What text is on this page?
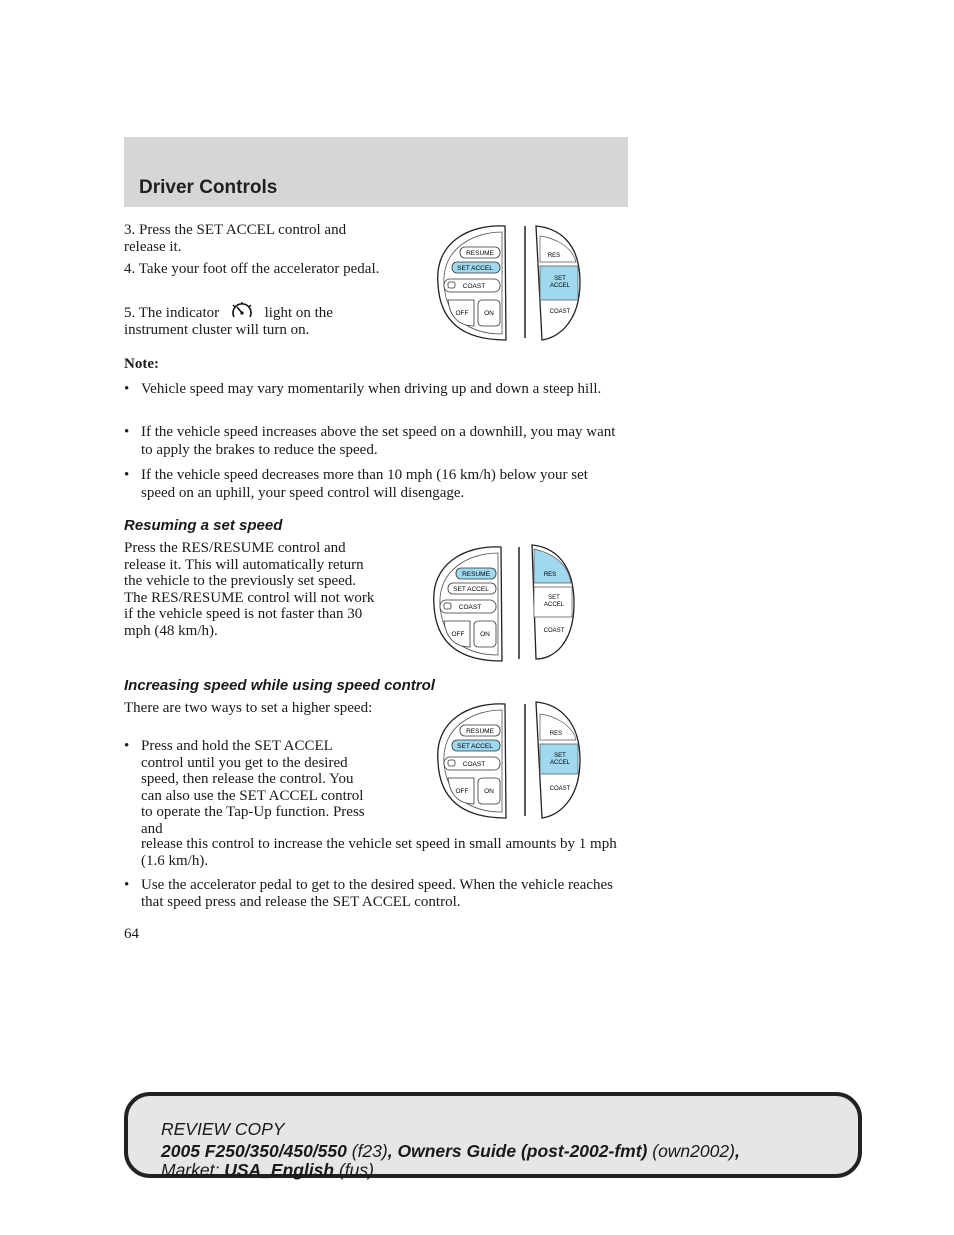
Driver Controls

3. Press the SET ACCEL control and release it.

4. Take your foot off the accelerator pedal.

5. The indicator	light on the instrument cluster will turn on.
Note:
• Vehicle speed may vary momentarily when driving up and down a steep hill.
• If the vehicle speed increases above the set speed on a downhill, you may want to apply the brakes to reduce the speed.
• If the vehicle speed decreases more than 10 mph (16 km/h) below your set speed on an uphill, your speed control will disengage.
Resuming a set speed

Press the RES/RESUME control and release it. This will automatically return the vehicle to the previously set speed. The RES/RESUME control will not work if the vehicle speed is not faster than 30 mph (48 km/h).

Increasing speed while using speed control

There are two ways to set a higher speed:

• Press and hold the SET ACCEL control until you get to the desired speed, then release the control. You can also use the SET ACCEL control to operate the Tap-Up function. Press and

release this control to increase the vehicle set speed in small amounts by 1 mph (1.6 km/h).

• Use the accelerator pedal to get to the desired speed. When the vehicle reaches that speed press and release the SET ACCEL control.
64
RESUME
SET ACCEL
COAST
OFF ON
RES
SET
ACCEL
COAST
RESUME
SET ACCEL
COAST
OFF ON
RES
SET
ACCEL
COAST
RESUME
SET ACCEL
COAST
OFF ON
RES
SET
ACCEL
COAST
REVIEW COPY
2005 F250/350/450/550 (f23), Owners Guide (post-2002-fmt) (own2002),
Market: USA_English (fus)
